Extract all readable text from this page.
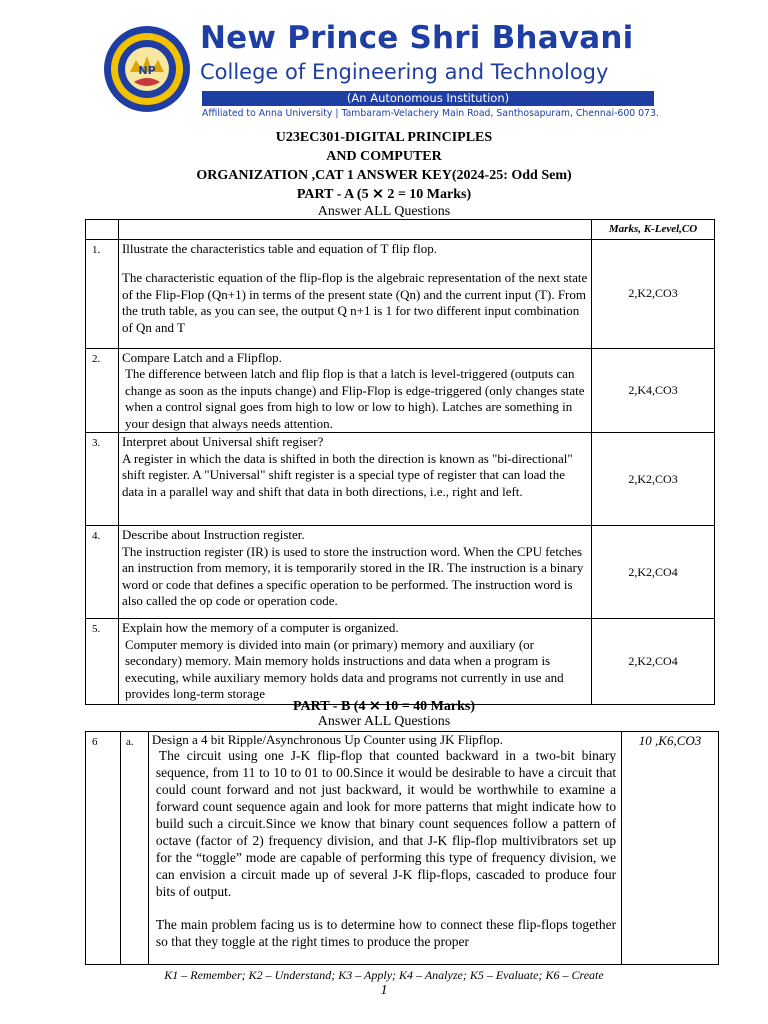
NP
New Prince Shri Bhavani
College of Engineering and Technology
(An Autonomous Institution)
Affiliated to Anna University | Tambaram-Velachery Main Road, Santhosapuram, Chennai-600 073.
U23EC301-DIGITAL PRINCIPLES
AND COMPUTER
ORGANIZATION ,CAT 1 ANSWER KEY(2024-25: Odd Sem)
PART - A (5 ⨯ 2 = 10 Marks)
Answer ALL Questions
		Marks, K-Level,CO
1.	Illustrate the characteristics table and equation of T flip flop.
The characteristic equation of the flip-flop is the algebraic representation of the next state of the Flip-Flop (Qn+1) in terms of the present state (Qn) and the current input (T). From the truth table, as you can see, the output Q n+1 is 1 for two different input combination of Qn and T	2,K2,CO3
2.	Compare Latch and a Flipflop.
The difference between latch and flip flop is that a latch is level-triggered (outputs can change as soon as the inputs change) and Flip-Flop is edge-triggered (only changes state when a control signal goes from high to low or low to high). Latches are something in your design that always needs attention.	2,K4,CO3
3.	Interpret about Universal shift regiser?
A register in which the data is shifted in both the direction is known as "bi-directional" shift register. A "Universal" shift register is a special type of register that can load the data in a parallel way and shift that data in both directions, i.e., right and left.	2,K2,CO3
4.	Describe about Instruction register.
The instruction register (IR) is used to store the instruction word. When the CPU fetches an instruction from memory, it is temporarily stored in the IR. The instruction is a binary word or code that defines a specific operation to be performed. The instruction word is also called the op code or operation code.	2,K2,CO4
5.	Explain how the memory of a computer is organized.
Computer memory is divided into main (or primary) memory and auxiliary (or secondary) memory. Main memory holds instructions and data when a program is executing, while auxiliary memory holds data and programs not currently in use and provides long-term storage	2,K2,CO4
PART - B (4 ⨯ 10 = 40 Marks)
Answer ALL Questions
6	a.	Design a 4 bit Ripple/Asynchronous Up Counter using JK Flipflop.
The circuit using one J-K flip-flop that counted backward in a two-bit binary sequence, from 11 to 10 to 01 to 00.Since it would be desirable to have a circuit that could count forward and not just backward, it would be worthwhile to examine a forward count sequence again and look for more patterns that might indicate how to build such a circuit.Since we know that binary count sequences follow a pattern of octave (factor of 2) frequency division, and that J-K flip-flop multivibrators set up for the “toggle” mode are capable of performing this type of frequency division, we can envision a circuit made up of several J-K flip-flops, cascaded to produce four bits of output.
The main problem facing us is to determine how to connect these flip-flops together so that they toggle at the right times to produce the proper
	10 ,K6,CO3
K1 – Remember; K2 – Understand; K3 – Apply; K4 – Analyze; K5 – Evaluate; K6 – Create
1
